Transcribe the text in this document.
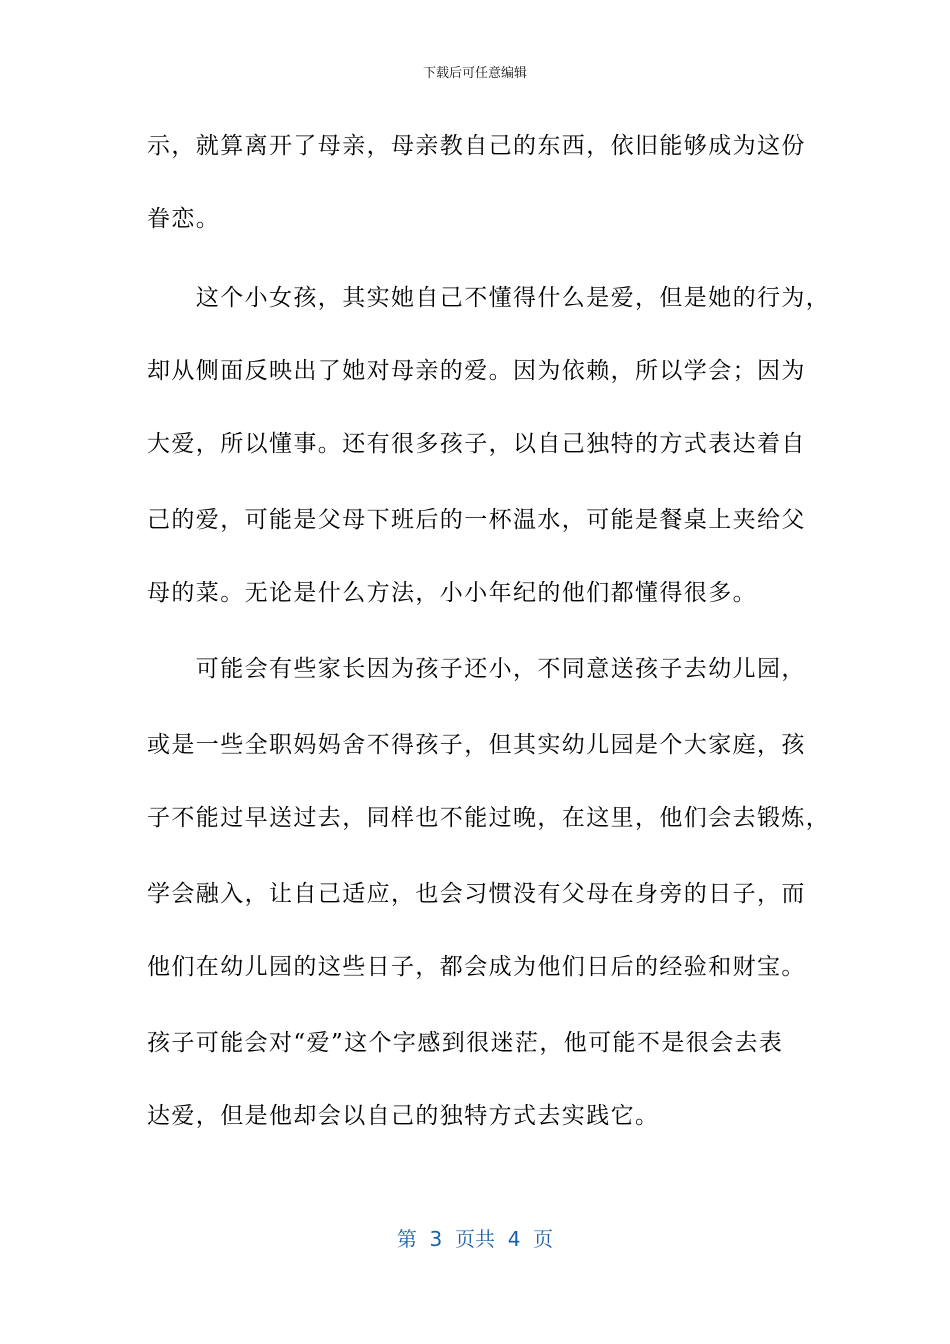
下载后可任意编辑
示，就算离开了母亲，母亲教自己的东西，依旧能够成为这份
眷恋。
　　这个小女孩，其实她自己不懂得什么是爱，但是她的行为，
却从侧面反映出了她对母亲的爱。因为依赖，所以学会；因为
大爱，所以懂事。还有很多孩子，以自己独特的方式表达着自
己的爱，可能是父母下班后的一杯温水，可能是餐桌上夹给父
母的菜。无论是什么方法，小小年纪的他们都懂得很多。
　　可能会有些家长因为孩子还小，不同意送孩子去幼儿园，
或是一些全职妈妈舍不得孩子，但其实幼儿园是个大家庭，孩
子不能过早送过去，同样也不能过晚，在这里，他们会去锻炼，
学会融入，让自己适应，也会习惯没有父母在身旁的日子，而
他们在幼儿园的这些日子，都会成为他们日后的经验和财宝。
孩子可能会对“爱”这个字感到很迷茫，他可能不是很会去表
达爱，但是他却会以自己的独特方式去实践它。
第  3  页共  4  页
